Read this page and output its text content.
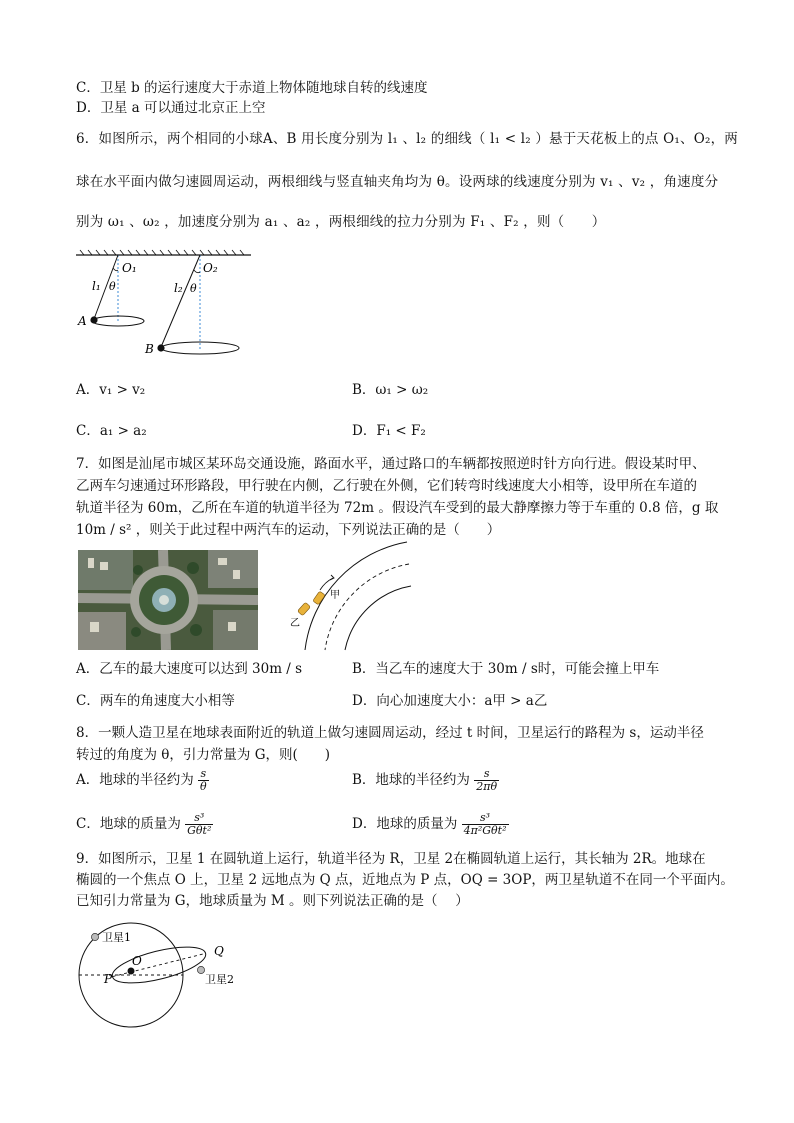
C．卫星 b 的运行速度大于赤道上物体随地球自转的线速度
D．卫星 a 可以通过北京正上空
6．如图所示，两个相同的小球A、B 用长度分别为 l₁ 、l₂ 的细线（ l₁ < l₂ ）悬于天花板上的点 O₁、O₂，两
球在水平面内做匀速圆周运动，两根细线与竖直轴夹角均为 θ。设两球的线速度分别为 v₁ 、v₂ ，角速度分
别为 ω₁ 、ω₂ ，加速度分别为 a₁ 、a₂ ，两根细线的拉力分别为 F₁ 、F₂ ，则（　　）
O₁	O₂
l₁	l₂
θ	θ
A
B
A．v₁ > v₂	B．ω₁ > ω₂
C．a₁ > a₂	D．F₁ < F₂
7．如图是汕尾市城区某环岛交通设施，路面水平，通过路口的车辆都按照逆时针方向行进。假设某时甲、
乙两车匀速通过环形路段，甲行驶在内侧，乙行驶在外侧，它们转弯时线速度大小相等，设甲所在车道的
轨道半径为 60m，乙所在车道的轨道半径为 72m 。假设汽车受到的最大静摩擦力等于车重的 0.8 倍，g 取
10m / s² ，则关于此过程中两汽车的运动，下列说法正确的是（　　）
甲
乙
A．乙车的最大速度可以达到 30m / s	B．当乙车的速度大于 30m / s时，可能会撞上甲车
C．两车的角速度大小相等	D．向心加速度大小：a甲 > a乙
8．一颗人造卫星在地球表面附近的轨道上做匀速圆周运动，经过 t 时间，卫星运行的路程为 s，运动半径
转过的角度为 θ，引力常量为 G，则(　　)
A．地球的半径约为 $\frac{s}{\theta}$	B．地球的半径约为 $\frac{s}{2\pi\theta}$
C．地球的质量为 $\frac{\text{s³}}{\text{Gθt²}}$	D．地球的质量为 $\frac{\text{s³}}{\text{4π²Gθt²}}$
9．如图所示，卫星 1 在圆轨道上运行，轨道半径为 R，卫星 2在椭圆轨道上运行，其长轴为 2R。地球在
椭圆的一个焦点 O 上，卫星 2 远地点为 Q 点，近地点为 P 点，OQ = 3OP，两卫星轨道不在同一个平面内。
已知引力常量为 G，地球质量为 M 。则下列说法正确的是（　 ）
卫星1
卫星2
O
P
Q
